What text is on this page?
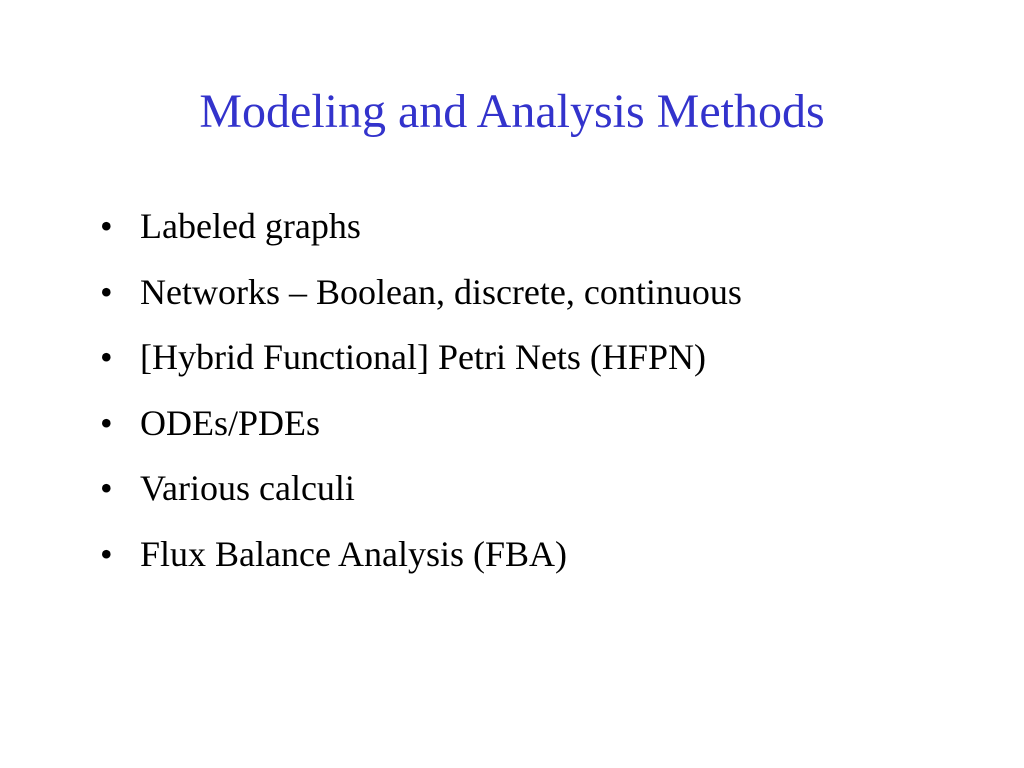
Modeling and Analysis Methods
• Labeled graphs
• Networks – Boolean, discrete, continuous
• [Hybrid Functional] Petri Nets (HFPN)
• ODEs/PDEs
• Various calculi
• Flux Balance Analysis (FBA)
